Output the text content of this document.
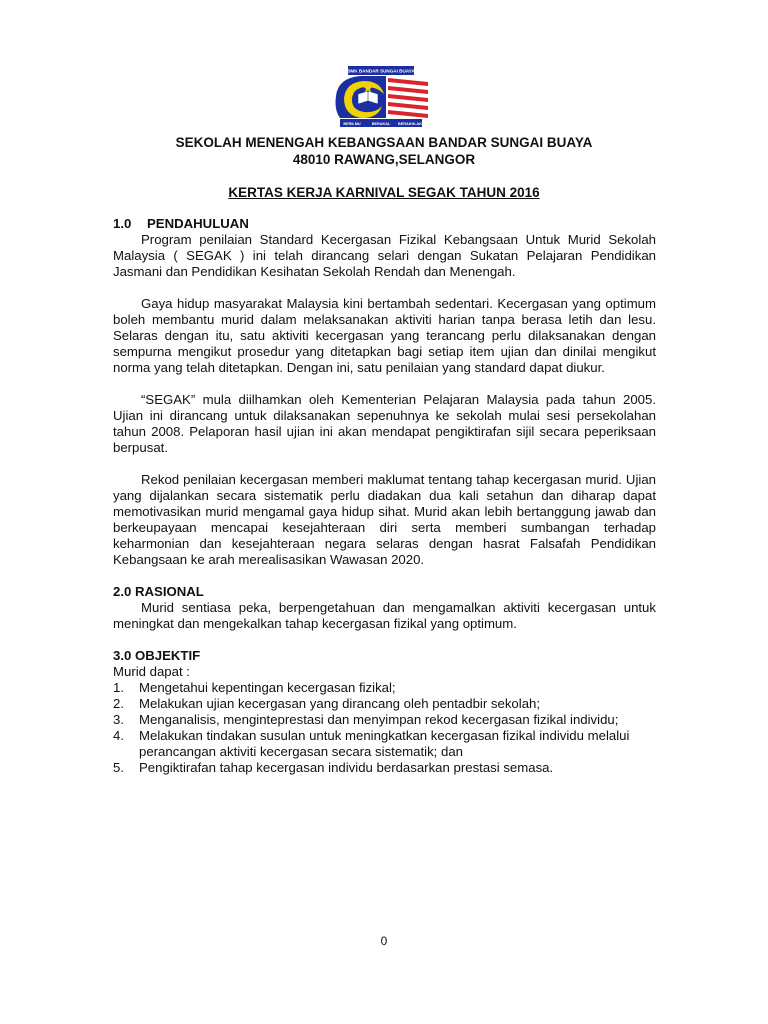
SMK BANDAR SUNGAI BUAYA
BERILMU	BERAKAL BERAKHLAK
SEKOLAH MENENGAH KEBANGSAAN BANDAR SUNGAI BUAYA
48010 RAWANG,SELANGOR
KERTAS KERJA KARNIVAL SEGAK TAHUN 2016
1.0 PENDAHULUAN

Program penilaian Standard Kecergasan Fizikal Kebangsaan Untuk Murid Sekolah Malaysia ( SEGAK ) ini telah dirancang selari dengan Sukatan Pelajaran Pendidikan Jasmani dan Pendidikan Kesihatan Sekolah Rendah dan Menengah.

Gaya hidup masyarakat Malaysia kini bertambah sedentari. Kecergasan yang optimum boleh membantu murid dalam melaksanakan aktiviti harian tanpa berasa letih dan lesu. Selaras dengan itu, satu aktiviti kecergasan yang terancang perlu dilaksanakan dengan sempurna mengikut prosedur yang ditetapkan bagi setiap item ujian dan dinilai mengikut norma yang telah ditetapkan. Dengan ini, satu penilaian yang standard dapat diukur.

“SEGAK” mula diilhamkan oleh Kementerian Pelajaran Malaysia pada tahun 2005. Ujian ini dirancang untuk dilaksanakan sepenuhnya ke sekolah mulai sesi persekolahan tahun 2008. Pelaporan hasil ujian ini akan mendapat pengiktirafan sijil secara peperiksaan berpusat.

Rekod penilaian kecergasan memberi maklumat tentang tahap kecergasan murid. Ujian yang dijalankan secara sistematik perlu diadakan dua kali setahun dan diharap dapat memotivasikan murid mengamal gaya hidup sihat. Murid akan lebih bertanggung jawab dan berkeupayaan mencapai kesejahteraan diri serta memberi sumbangan terhadap keharmonian dan kesejahteraan negara selaras dengan hasrat Falsafah Pendidikan Kebangsaan ke arah merealisasikan Wawasan 2020.

2.0 RASIONAL

Murid sentiasa peka, berpengetahuan dan mengamalkan aktiviti kecergasan untuk meningkat dan mengekalkan tahap kecergasan fizikal yang optimum.

3.0 OBJEKTIF

Murid dapat :

1. Mengetahui kepentingan kecergasan fizikal;
2. Melakukan ujian kecergasan yang dirancang oleh pentadbir sekolah;
3. Menganalisis, menginteprestasi dan menyimpan rekod kecergasan fizikal individu;
4. Melakukan tindakan susulan untuk meningkatkan kecergasan fizikal individu melalui perancangan aktiviti kecergasan secara sistematik; dan
5. Pengiktirafan tahap kecergasan individu berdasarkan prestasi semasa.
0
